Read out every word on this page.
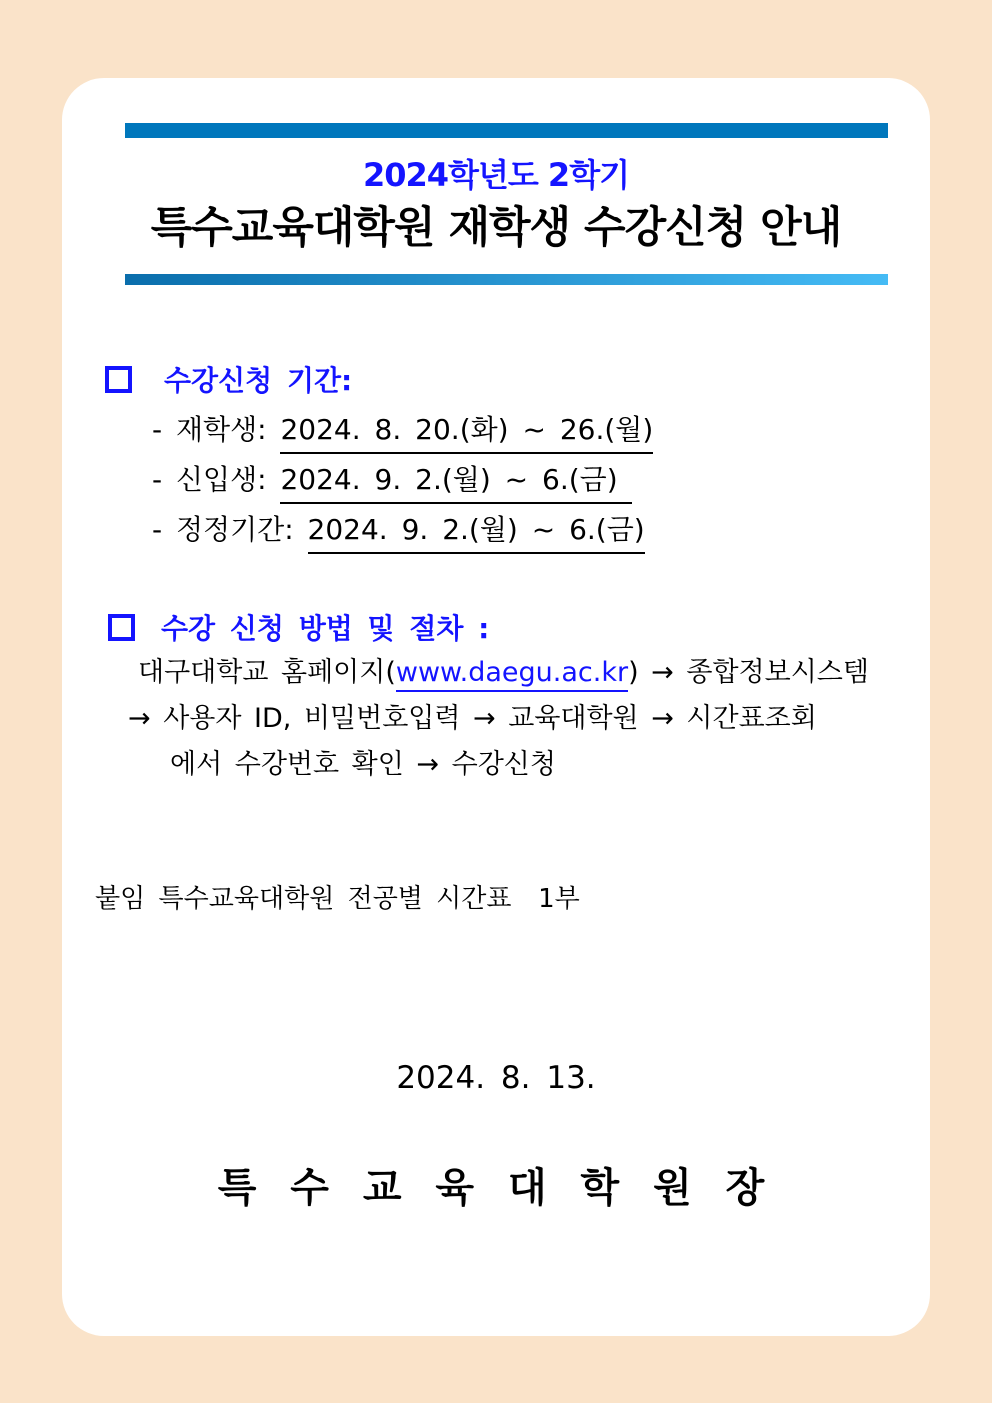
2024학년도 2학기
특수교육대학원 재학생 수강신청 안내
수강신청 기간:
- 재학생: 2024. 8. 20.(화) ~ 26.(월)
- 신입생: 2024. 9. 2.(월) ~ 6.(금)
- 정정기간: 2024. 9. 2.(월) ~ 6.(금)
수강 신청 방법 및 절차 :
대구대학교 홈페이지(www.daegu.ac.kr) → 종합정보시스템
→ 사용자 ID, 비밀번호입력 → 교육대학원 → 시간표조회
에서 수강번호 확인 → 수강신청
붙임 특수교육대학원 전공별 시간표  1부
2024. 8. 13.
특 수 교 육 대 학 원 장
